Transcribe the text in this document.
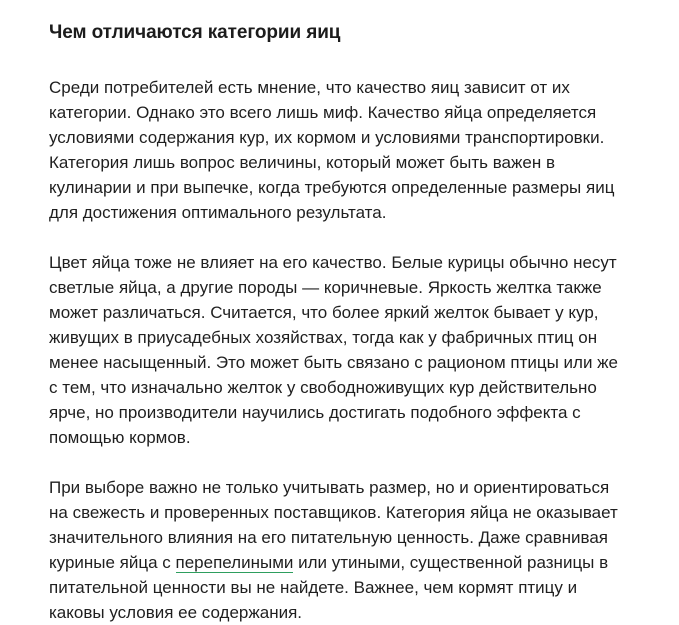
Чем отличаются категории яиц
Среди потребителей есть мнение, что качество яиц зависит от их
категории. Однако это всего лишь миф. Качество яйца определяется
условиями содержания кур, их кормом и условиями транспортировки.
Категория лишь вопрос величины, который может быть важен в
кулинарии и при выпечке, когда требуются определенные размеры яиц
для достижения оптимального результата.
Цвет яйца тоже не влияет на его качество. Белые курицы обычно несут
светлые яйца, а другие породы — коричневые. Яркость желтка также
может различаться. Считается, что более яркий желток бывает у кур,
живущих в приусадебных хозяйствах, тогда как у фабричных птиц он
менее насыщенный. Это может быть связано с рационом птицы или же
с тем, что изначально желток у свободноживущих кур действительно
ярче, но производители научились достигать подобного эффекта с
помощью кормов.
При выборе важно не только учитывать размер, но и ориентироваться
на свежесть и проверенных поставщиков. Категория яйца не оказывает
значительного влияния на его питательную ценность. Даже сравнивая
куриные яйца с перепелиными или утиными, существенной разницы в
питательной ценности вы не найдете. Важнее, чем кормят птицу и
каковы условия ее содержания.
